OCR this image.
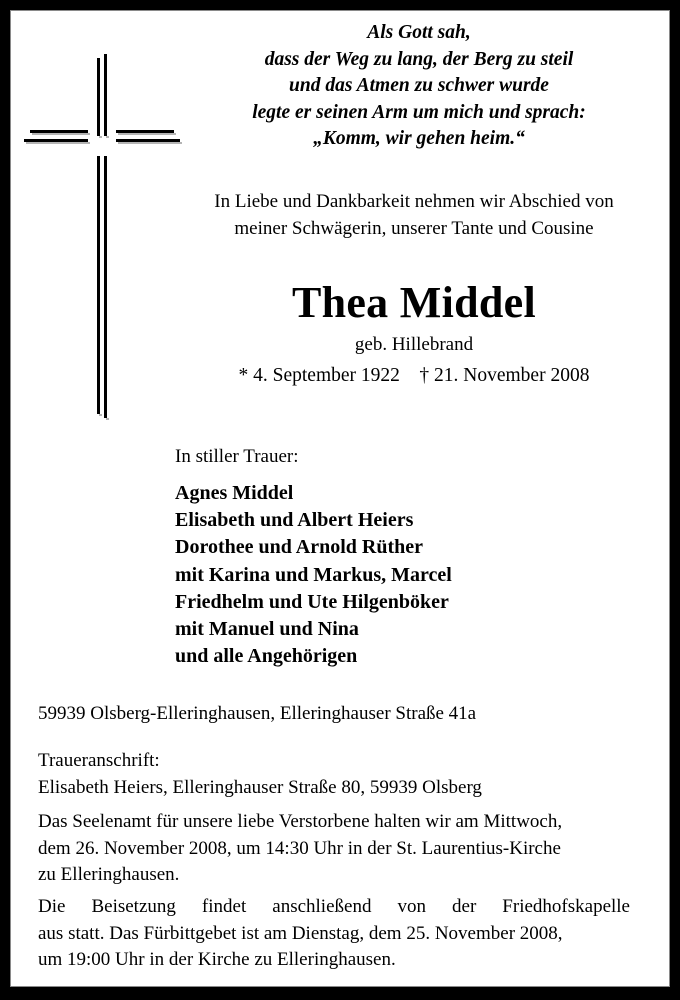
Als Gott sah,
dass der Weg zu lang, der Berg zu steil
und das Atmen zu schwer wurde
legte er seinen Arm um mich und sprach:
„Komm, wir gehen heim.“
In Liebe und Dankbarkeit nehmen wir Abschied von
meiner Schwägerin, unserer Tante und Cousine
Thea Middel
geb. Hillebrand
* 4. September 1922    † 21. November 2008
In stiller Trauer:
Agnes Middel
Elisabeth und Albert Heiers
Dorothee und Arnold Rüther
mit Karina und Markus, Marcel
Friedhelm und Ute Hilgenböker
mit Manuel und Nina
und alle Angehörigen
59939 Olsberg-Elleringhausen, Elleringhauser Straße 41a
Traueranschrift:
Elisabeth Heiers, Elleringhauser Straße 80, 59939 Olsberg
Das Seelenamt für unsere liebe Verstorbene halten wir am Mittwoch,
dem 26. November 2008, um 14:30 Uhr in der St. Laurentius-Kirche
zu Elleringhausen.
Die Beisetzung findet anschließend von der Friedhofskapelle
aus statt. Das Fürbittgebet ist am Dienstag, dem 25. November 2008,
um 19:00 Uhr in der Kirche zu Elleringhausen.
